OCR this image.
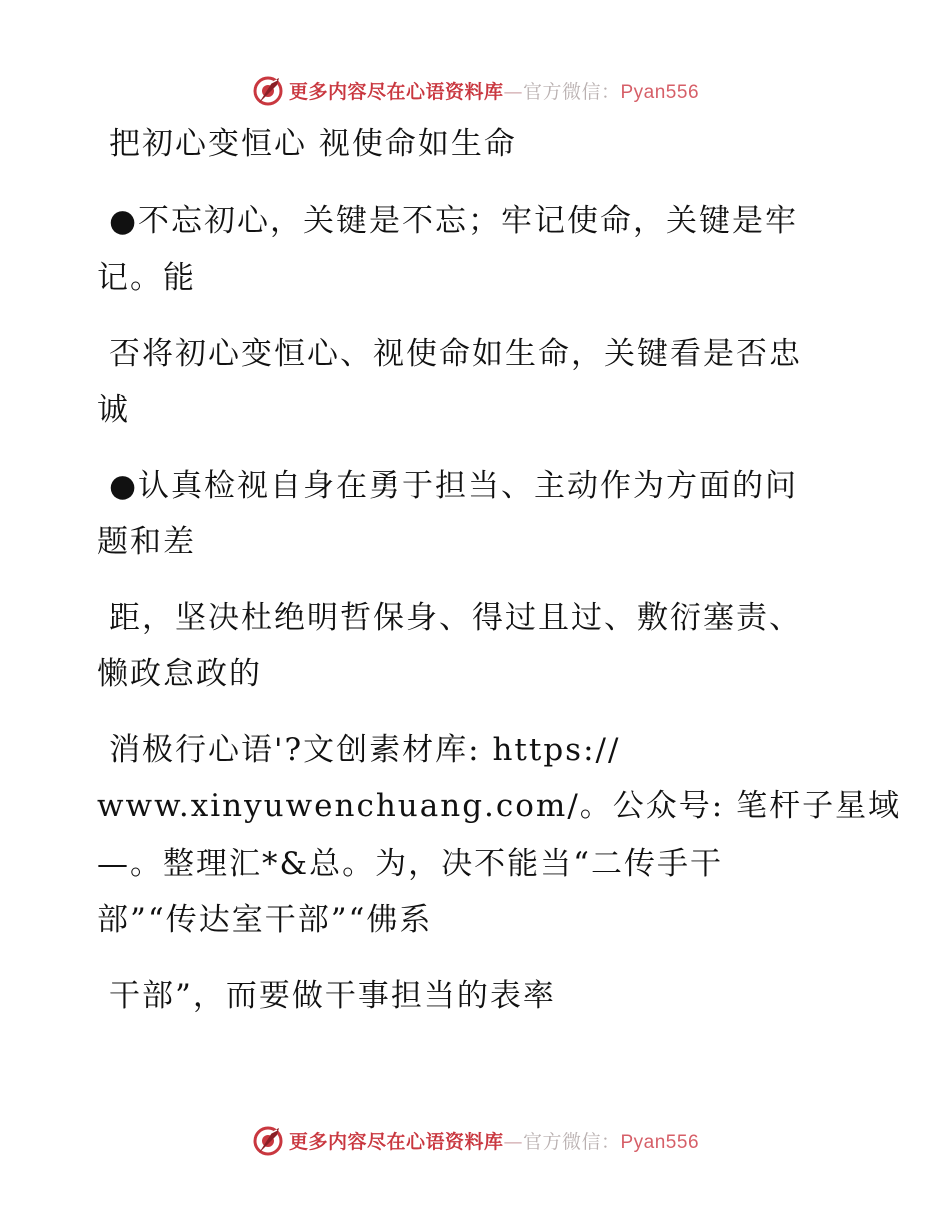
更多内容尽在心语资料库—官方微信：Pyan556
把初心变恒心 视使命如生命
●不忘初心，关键是不忘；牢记使命，关键是牢
记。能
否将初心变恒心、视使命如生命，关键看是否忠
诚
●认真检视自身在勇于担当、主动作为方面的问
题和差
距，坚决杜绝明哲保身、得过且过、敷衍塞责、
懒政怠政的
消极行心语'?文创素材库: https://
www.xinyuwenchuang.com/。公众号: 笔杆子星域
—。整理汇*&总。为，决不能当“二传手干
部”“传达室干部”“佛系
干部”，而要做干事担当的表率
更多内容尽在心语资料库—官方微信：Pyan556
